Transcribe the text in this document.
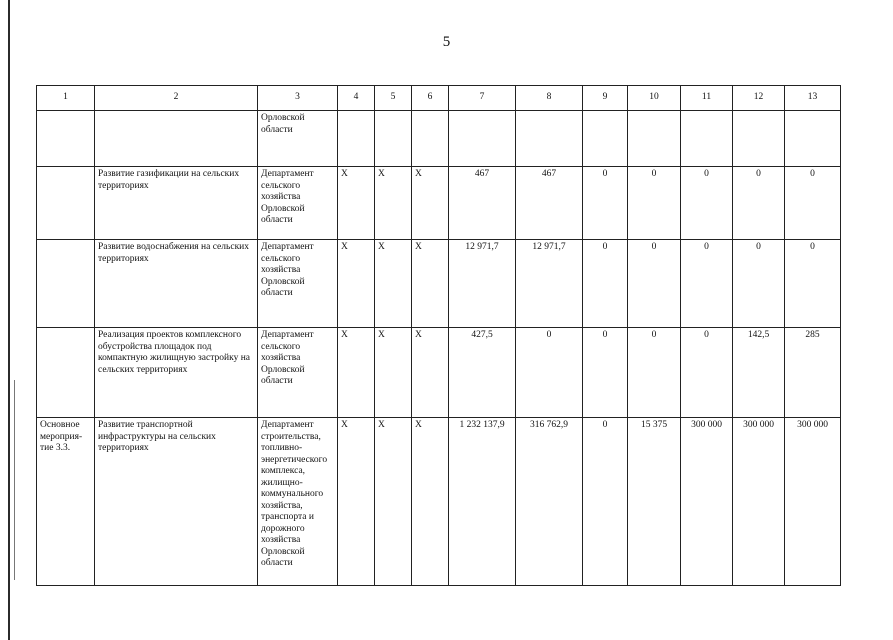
5
1	2	3	4	5	6	7	8	9	10	11	12	13
		Орловской области										
	Развитие газификации на сельских территориях	Департамент сельского хозяйства Орловской области	X	X	X	467	467	0	0	0	0	0
	Развитие водоснабжения на сельских территориях	Департамент сельского хозяйства Орловской области	X	X	X	12 971,7	12 971,7	0	0	0	0	0
	Реализация проектов комплексного обустройства площадок под компактную жилищную застройку на сельских территориях	Департамент сельского хозяйства Орловской области	X	X	X	427,5	0	0	0	0	142,5	285
Основное мероприя-тие 3.3.	Развитие транспортной инфраструктуры на сельских территориях	Департамент строительства, топливно-энергетического комплекса, жилищно-коммунального хозяйства, транспорта и дорожного хозяйства Орловской области	X	X	X	1 232 137,9	316 762,9	0	15 375	300 000	300 000	300 000
